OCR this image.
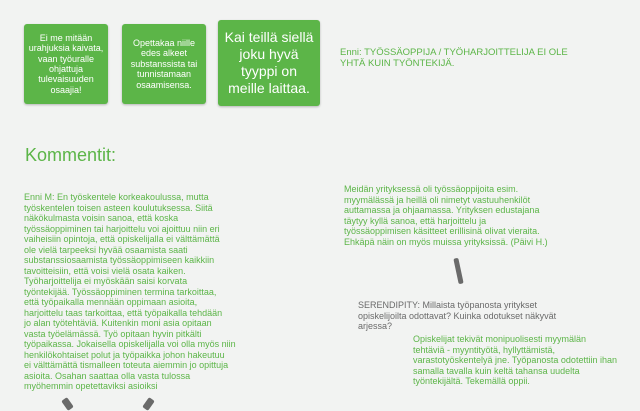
Ei me mitään urahjuksia kaivata, vaan työuralle ohjattuja tulevaisuuden osaajia!
Opettakaa niille edes alkeet substanssista tai tunnistamaan osaamisensa.
Kai teillä siellä joku hyvä tyyppi on meille laittaa.
Enni: TYÖSSÄOPPIJA / TYÖHARJOITTELIJA EI OLE
YHTÄ KUIN TYÖNTEKIJÄ.
Kommentit:
Enni M: En työskentele korkeakoulussa, mutta
työskentelen toisen asteen koulutuksessa. Siitä
näkökulmasta voisin sanoa, että koska
työssäoppiminen tai harjoittelu voi ajoittuu niin eri
vaiheisiin opintoja, että opiskelijalla ei välttämättä
ole vielä tarpeeksi hyvää osaamista saati
substanssiosaamista työssäoppimiseen kaikkiin
tavoitteisiin, että voisi vielä osata kaiken.
Työharjoittelija ei myöskään saisi korvata
työntekijää. Työssäoppiminen termina tarkoittaa,
että työpaikalla mennään oppimaan asioita,
harjoittelu taas tarkoittaa, että työpaikalla tehdään
jo alan työtehtäviä. Kuitenkin moni asia opitaan
vasta työelämässä. Työ opitaan hyvin pitkälti
työpaikassa. Jokaisella opiskelijalla voi olla myös niin
henkilökohtaiset polut ja työpaikka johon hakeutuu
ei välttämättä tismalleen toteuta aiemmin jo opittuja
asioita. Osahan saattaa olla vasta tulossa
myöhemmin opetettaviksi asioiksi
Meidän yrityksessä oli työssäoppijoita esim.
myymälässä ja heillä oli nimetyt vastuuhenkilöt
auttamassa ja ohjaamassa. Yrityksen edustajana
täytyy kyllä sanoa, että harjoittelu ja
työssäoppimisen käsitteet erillisinä olivat vieraita.
Ehkäpä näin on myös muissa yrityksissä. (Päivi H.)
SERENDIPITY: Millaista työpanosta yritykset
opiskelijoilta odottavat? Kuinka odotukset näkyvät
arjessa?
Opiskelijat tekivät monipuolisesti myymälän
tehtäviä - myyntityötä, hyllyttämistä,
varastotyöskentelyä jne. Työpanosta odotettiin ihan
samalla tavalla kuin keltä tahansa uudelta
työntekijältä. Tekemällä oppii.
